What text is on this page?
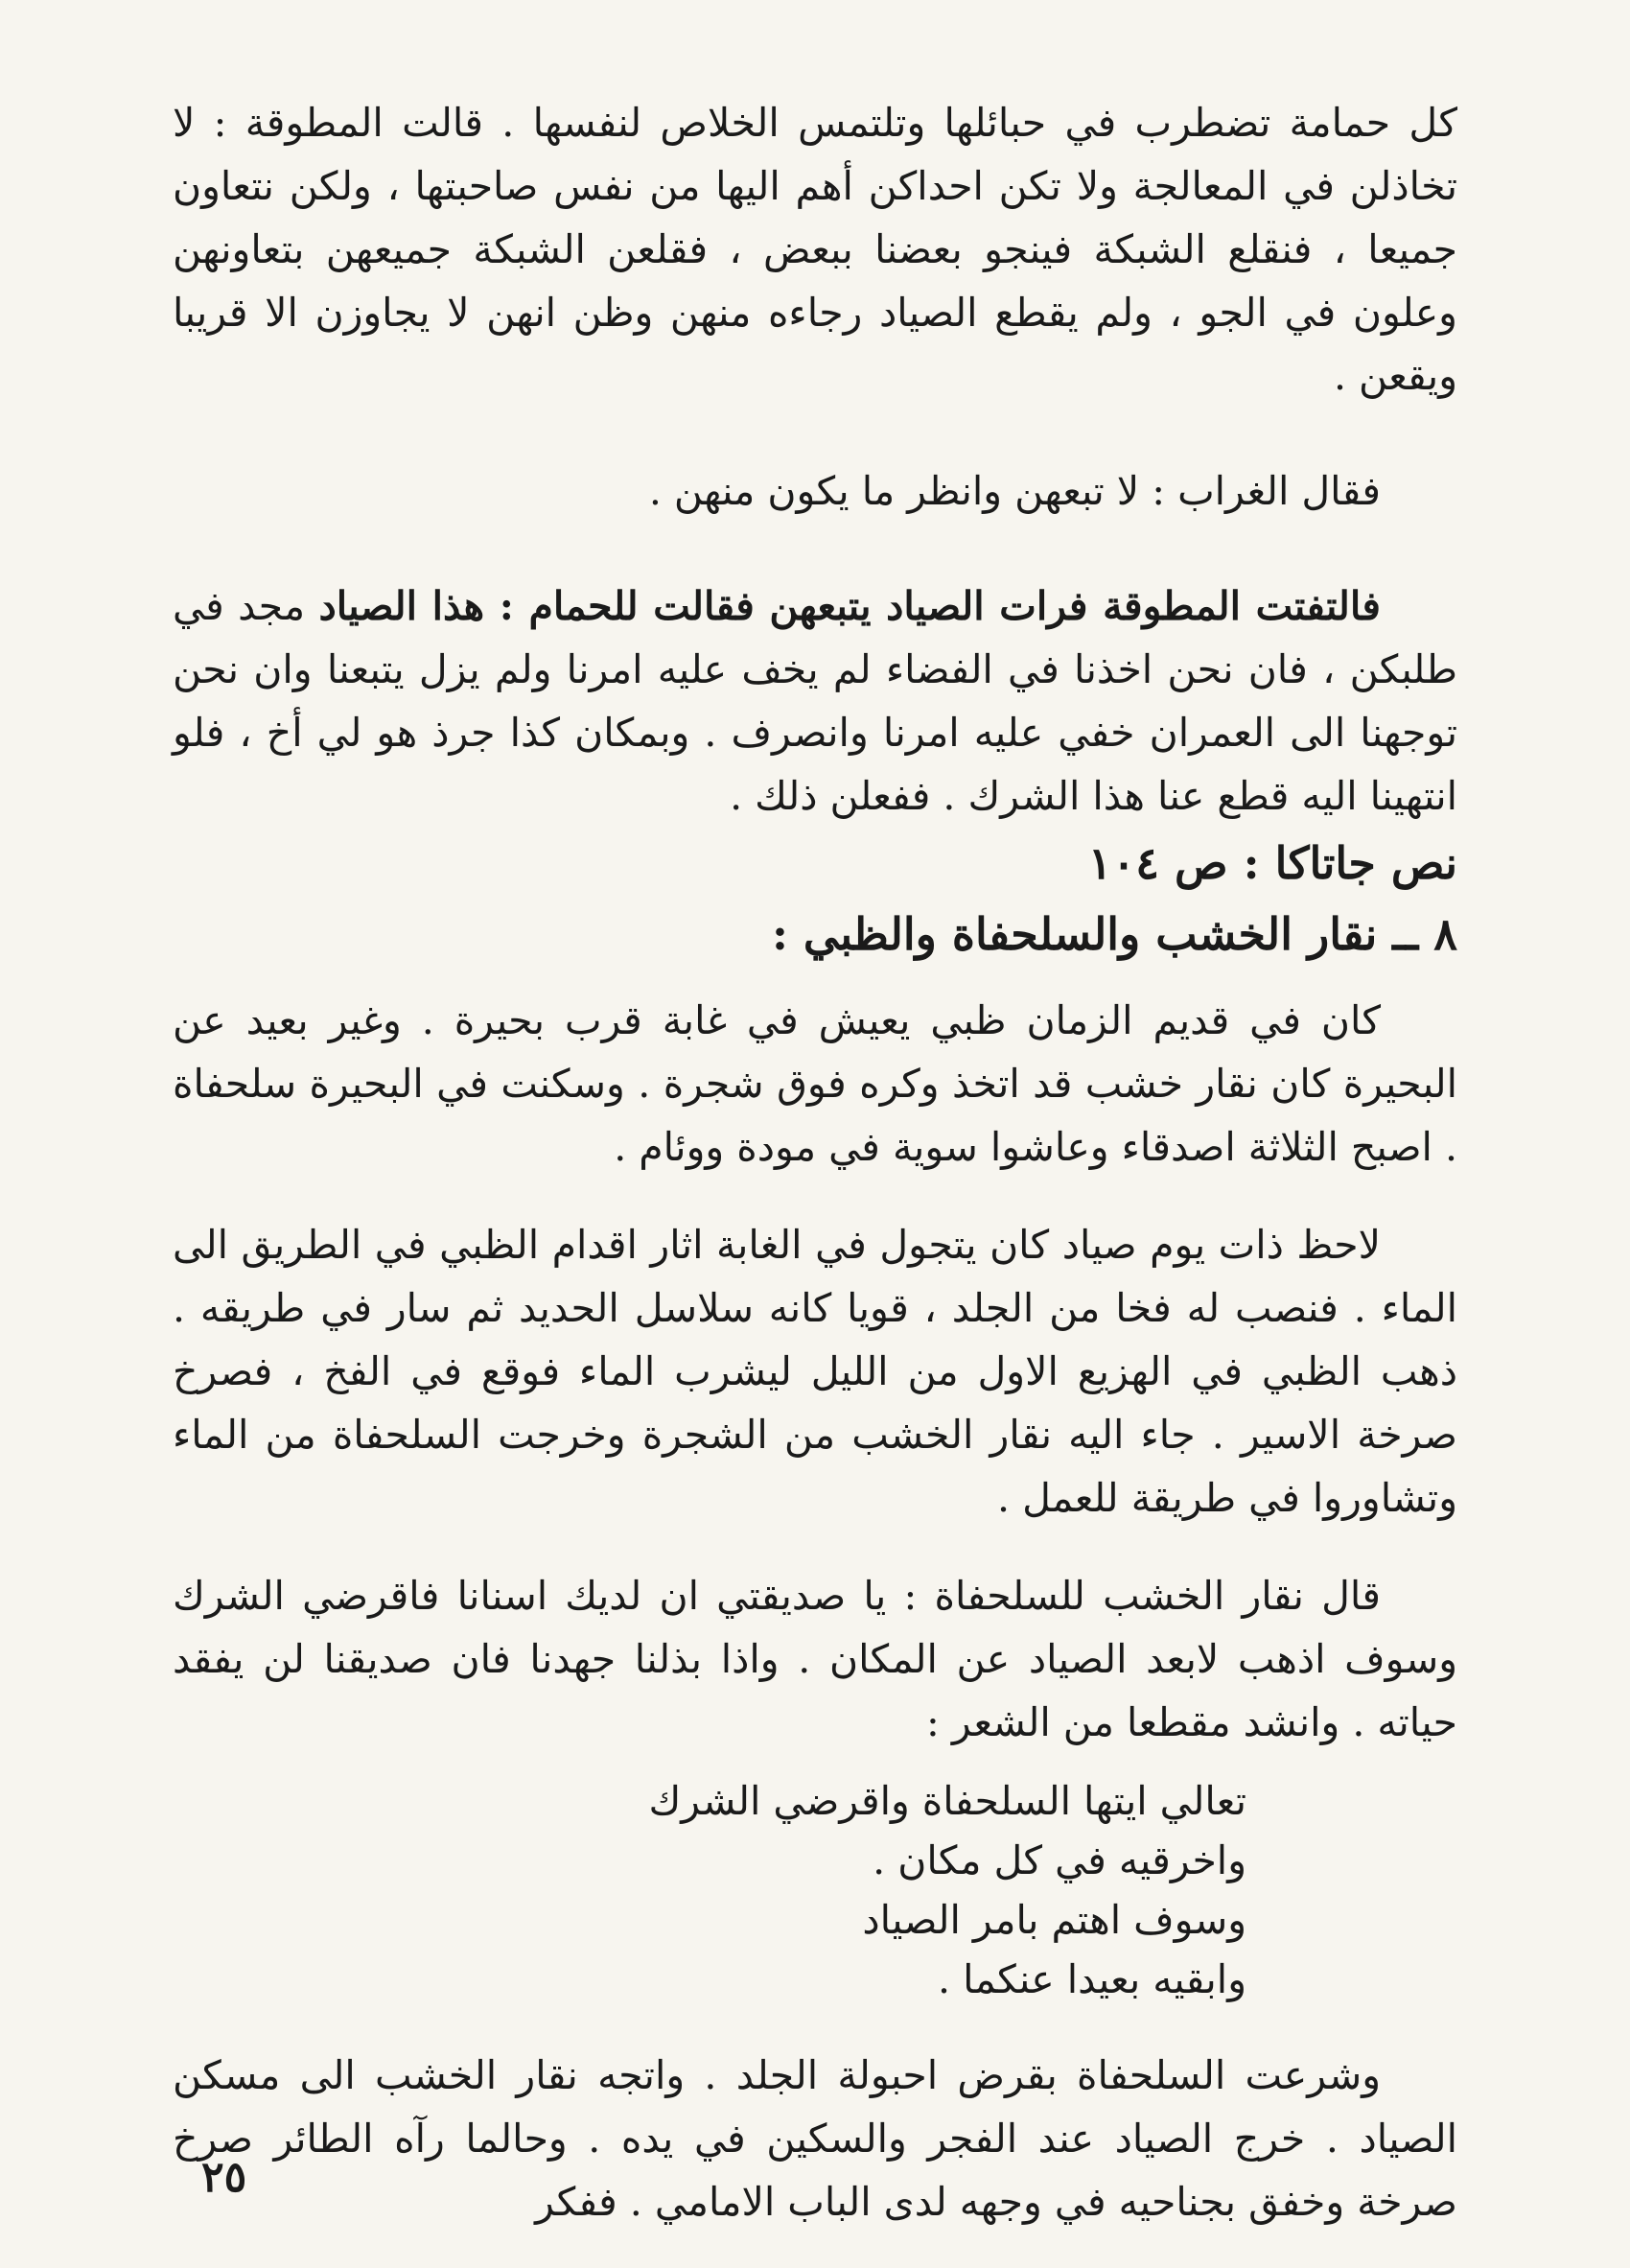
كل حمامة تضطرب في حبائلها وتلتمس الخلاص لنفسها . قالت المطوقة : لا تخاذلن في المعالجة ولا تكن احداكن أهم اليها من نفس صاحبتها ، ولكن نتعاون جميعا ، فنقلع الشبكة فينجو بعضنا ببعض ، فقلعن الشبكة جميعهن بتعاونهن وعلون في الجو ، ولم يقطع الصياد رجاءه منهن وظن انهن لا يجاوزن الا قريبا ويقعن .

فقال الغراب : لا تبعهن وانظر ما يكون منهن .

فالتفتت المطوقة فرات الصياد يتبعهن فقالت للحمام : هذا الصياد مجد في طلبكن ، فان نحن اخذنا في الفضاء لم يخف عليه امرنا ولم يزل يتبعنا وان نحن توجهنا الى العمران خفي عليه امرنا وانصرف . وبمكان كذا جرذ هو لي أخ ، فلو انتهينا اليه قطع عنا هذا الشرك . ففعلن ذلك .

نص جاتاكا : ص ١٠٤
٨ ــ نقار الخشب والسلحفاة والظبي :

كان في قديم الزمان ظبي يعيش في غابة قرب بحيرة . وغير بعيد عن البحيرة كان نقار خشب قد اتخذ وكره فوق شجرة . وسكنت في البحيرة سلحفاة . اصبح الثلاثة اصدقاء وعاشوا سوية في مودة ووئام .

لاحظ ذات يوم صياد كان يتجول في الغابة اثار اقدام الظبي في الطريق الى الماء . فنصب له فخا من الجلد ، قويا كانه سلاسل الحديد ثم سار في طريقه . ذهب الظبي في الهزيع الاول من الليل ليشرب الماء فوقع في الفخ ، فصرخ صرخة الاسير . جاء اليه نقار الخشب من الشجرة وخرجت السلحفاة من الماء وتشاوروا في طريقة للعمل .

قال نقار الخشب للسلحفاة : يا صديقتي ان لديك اسنانا فاقرضي الشرك وسوف اذهب لابعد الصياد عن المكان . واذا بذلنا جهدنا فان صديقنا لن يفقد حياته . وانشد مقطعا من الشعر :

تعالي ايتها السلحفاة واقرضي الشرك
واخرقيه في كل مكان .
وسوف اهتم بامر الصياد
وابقيه بعيدا عنكما .

وشرعت السلحفاة بقرض احبولة الجلد . واتجه نقار الخشب الى مسكن الصياد . خرج الصياد عند الفجر والسكين في يده . وحالما رآه الطائر صرخ صرخة وخفق بجناحيه في وجهه لدى الباب الامامي . ففكر

٢٥
